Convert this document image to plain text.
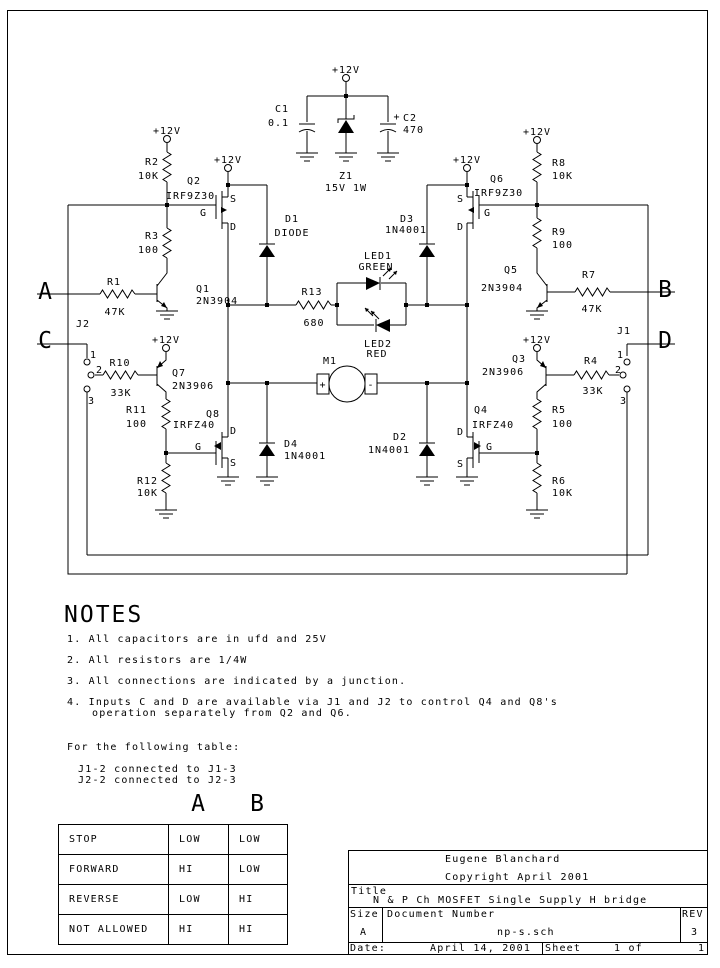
+12V
+12V
+12V	+12V
+12V
+12V	+12V
C1
0.1
Z1
15V 1W
+ C2
470
R2
10K
R3
100
Q2
IRF9Z30 S
D
G
R1
47K
Q1
2N3904
D1
DIODE
D3
1N4001
R13
680
LED1
GREEN
LED2
RED
Q6
IRF9Z30
S
D
G
R8
10K
R9
100
Q5
2N3904
R7
47K
A	B
C	D
J2
1
2
3
J1
1
2
3
R10
33K
Q7
2N3906
R4
33K
Q3
2N3906
R11
100
R12
10K
Q8
IRFZ40
D
G
S
R5
100
R6
10K
Q4
IRFZ40
D
G
S
D4
1N4001
D2
1N4001
M1
+	-
NOTES
1. All capacitors are in ufd and 25V
2. All resistors are 1/4W
3. All connections are indicated by a junction.
4. Inputs C and D are available via J1 and J2 to control Q4 and Q8's
operation separately from Q2 and Q6.
For the following table:
J1-2 connected to J1-3
J2-2 connected to J2-3
A B
STOP	LOW	LOW
FORWARD	HI	LOW
REVERSE	LOW	HI
NOT ALLOWED	HI	HI
Eugene Blanchard
Copyright April 2001
Title
N & P Ch MOSFET Single Supply H bridge
Size
A
Document Number
np-s.sch
REV
3
Date:	April 14, 2001 Sheet	1 of	1
